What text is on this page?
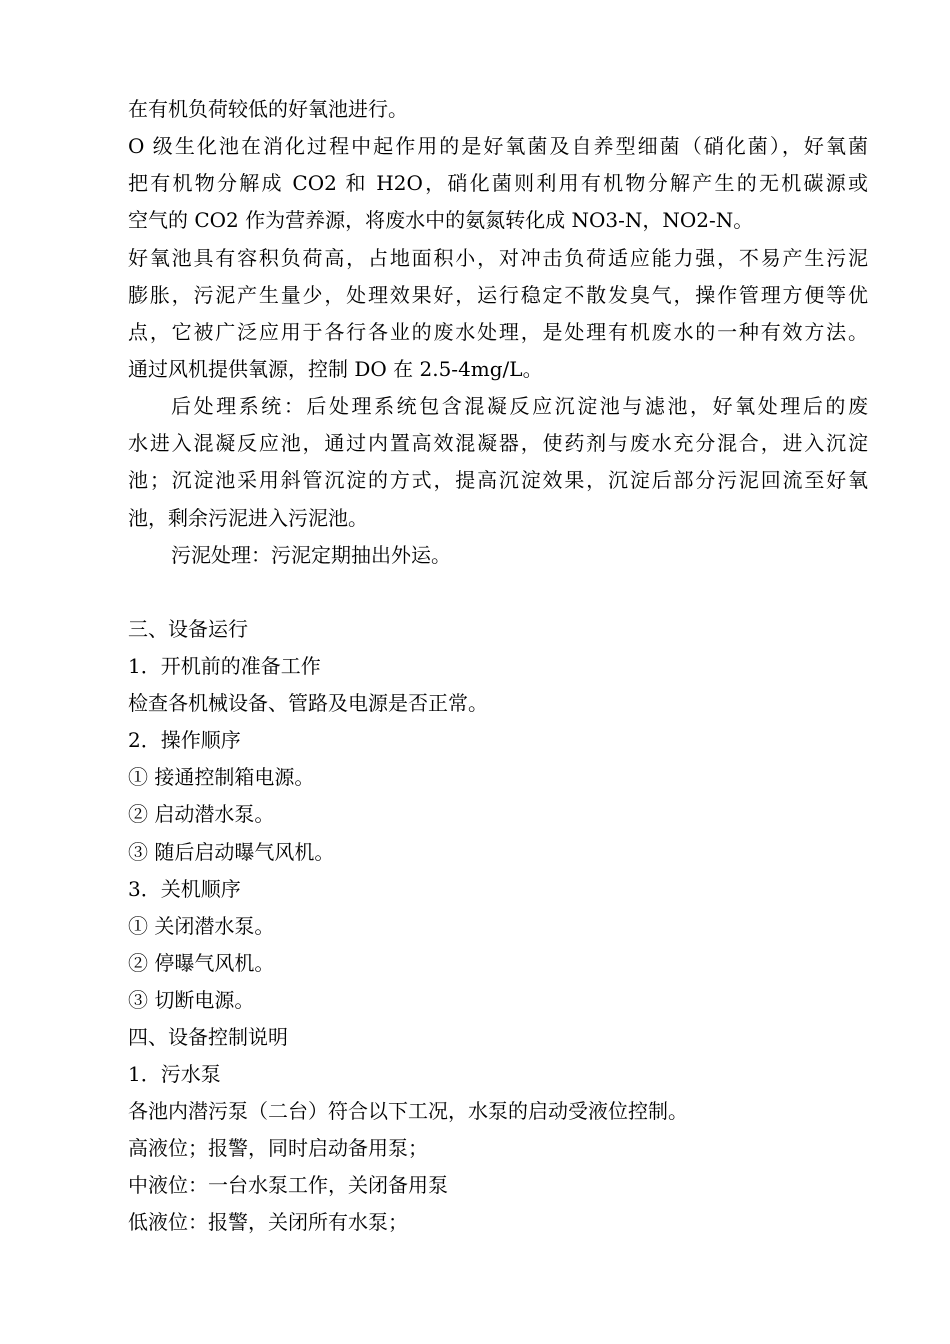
在有机负荷较低的好氧池进行。
O 级生化池在消化过程中起作用的是好氧菌及自养型细菌（硝化菌），好氧菌
把有机物分解成 CO2 和 H2O，硝化菌则利用有机物分解产生的无机碳源或
空气的 CO2 作为营养源，将废水中的氨氮转化成 NO3-N，NO2-N。
好氧池具有容积负荷高，占地面积小，对冲击负荷适应能力强，不易产生污泥
膨胀，污泥产生量少，处理效果好，运行稳定不散发臭气，操作管理方便等优
点，它被广泛应用于各行各业的废水处理，是处理有机废水的一种有效方法。
通过风机提供氧源，控制 DO 在 2.5-4mg/L。
后处理系统：后处理系统包含混凝反应沉淀池与滤池，好氧处理后的废
水进入混凝反应池，通过内置高效混凝器，使药剂与废水充分混合，进入沉淀
池；沉淀池采用斜管沉淀的方式，提高沉淀效果，沉淀后部分污泥回流至好氧
池，剩余污泥进入污泥池。
污泥处理：污泥定期抽出外运。
三、设备运行
1．开机前的准备工作
检查各机械设备、管路及电源是否正常。
2．操作顺序
① 接通控制箱电源。
② 启动潜水泵。
③ 随后启动曝气风机。
3．关机顺序
① 关闭潜水泵。
② 停曝气风机。
③ 切断电源。
四、设备控制说明
1．污水泵
各池内潜污泵（二台）符合以下工况，水泵的启动受液位控制。
高液位；报警，同时启动备用泵；
中液位：一台水泵工作，关闭备用泵
低液位：报警，关闭所有水泵；
